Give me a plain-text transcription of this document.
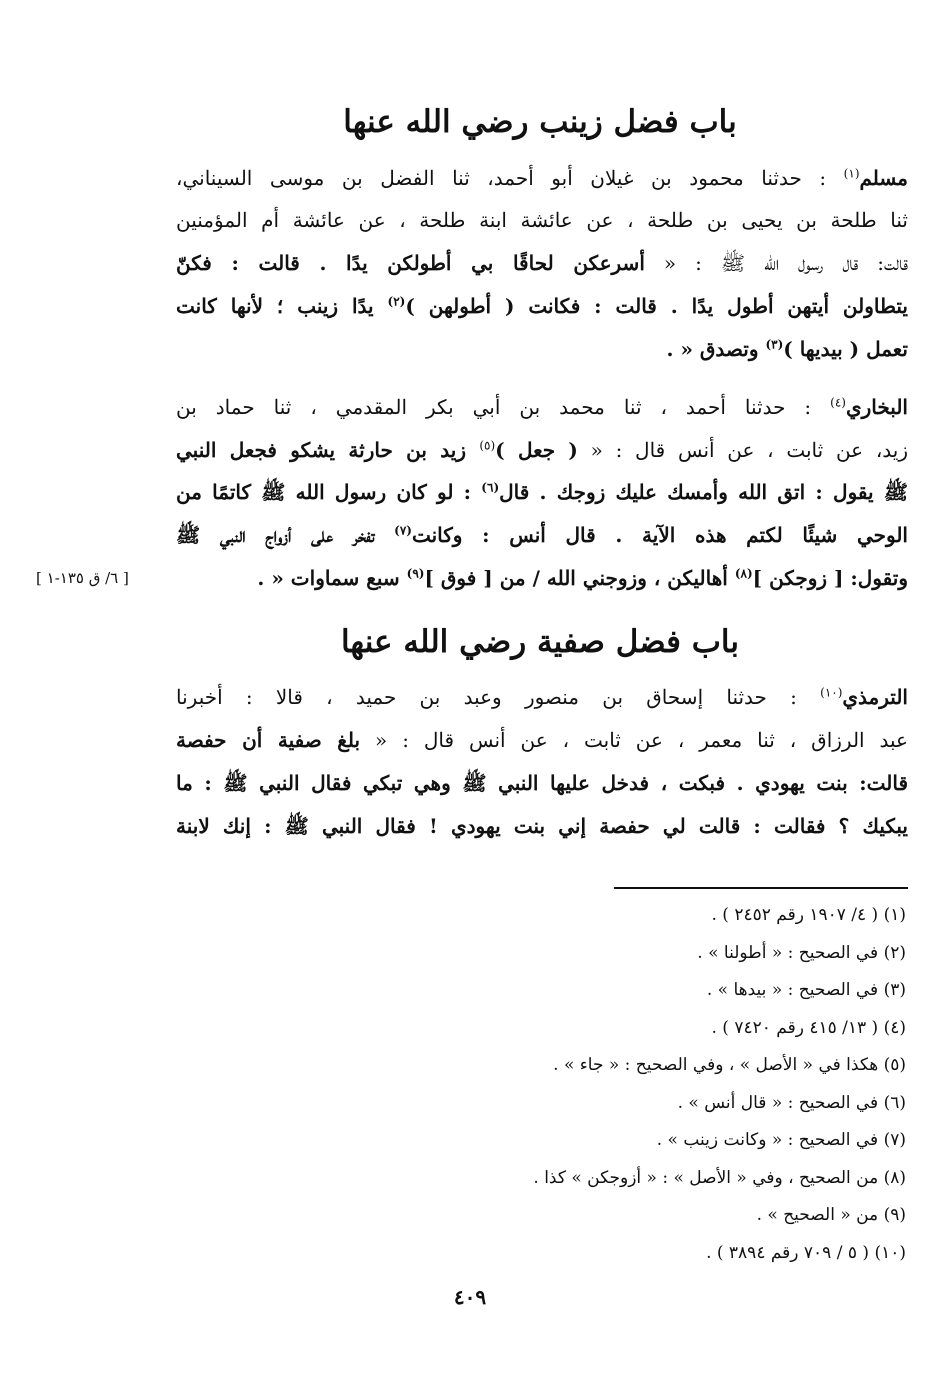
باب فضل زينب رضي الله عنها
مسلم$^{(١)}$ : حدثنا محمود بن غيلان أبو أحمد، ثنا الفضل بن موسى السيناني،
ثنا طلحة بن يحيى بن طلحة ، عن عائشة ابنة طلحة ، عن عائشة أم المؤمنين
قالت: قال رسول الله ﷺ : « أسرعكن لحاقًا بي أطولكن يدًا . قالت : فكنّ
يتطاولن أيتهن أطول يدًا . قالت : فكانت ( أطولهن )$^{(٢)}$ يدًا زينب ؛ لأنها كانت
تعمل ( بيديها )$^{(٣)}$ وتصدق « .
البخاري$^{(٤)}$ : حدثنا أحمد ، ثنا محمد بن أبي بكر المقدمي ، ثنا حماد بن
زيد، عن ثابت ، عن أنس قال : « ( جعل )$^{(٥)}$ زيد بن حارثة يشكو فجعل النبي
ﷺ يقول : اتق الله وأمسك عليك زوجك . قال$^{(٦)}$ : لو كان رسول الله ﷺ كاتمًا من
الوحي شيئًا لكتم هذه الآية . قال أنس : وكانت$^{(٧)}$ تفخر على أزواج النبي ﷺ
وتقول: [ زوجكن ]$^{(٨)}$ أهاليكن ، وزوجني الله / من [ فوق ]$^{(٩)}$ سبع سماوات « .
[ ٦/ ق ١٣٥-١ ]
باب فضل صفية رضي الله عنها
الترمذي$^{(١٠)}$ : حدثنا إسحاق بن منصور وعبد بن حميد ، قالا : أخبرنا
عبد الرزاق ، ثنا معمر ، عن ثابت ، عن أنس قال : « بلغ صفية أن حفصة
قالت: بنت يهودي . فبكت ، فدخل عليها النبي ﷺ وهي تبكي فقال النبي ﷺ : ما
يبكيك ؟ فقالت : قالت لي حفصة إني بنت يهودي ! فقال النبي ﷺ : إنك لابنة
(١) ( ٤/ ١٩٠٧ رقم ٢٤٥٢ ) .
(٢) في الصحيح : « أطولنا » .
(٣) في الصحيح : « بيدها » .
(٤) ( ١٣/ ٤١٥ رقم ٧٤٢٠ ) .
(٥) هكذا في « الأصل » ، وفي الصحيح : « جاء » .
(٦) في الصحيح : « قال أنس » .
(٧) في الصحيح : « وكانت زينب » .
(٨) من الصحيح ، وفي « الأصل » : « أزوجكن » كذا .
(٩) من « الصحيح » .
(١٠) ( ٥ / ٧٠٩ رقم ٣٨٩٤ ) .
٤٠٩
